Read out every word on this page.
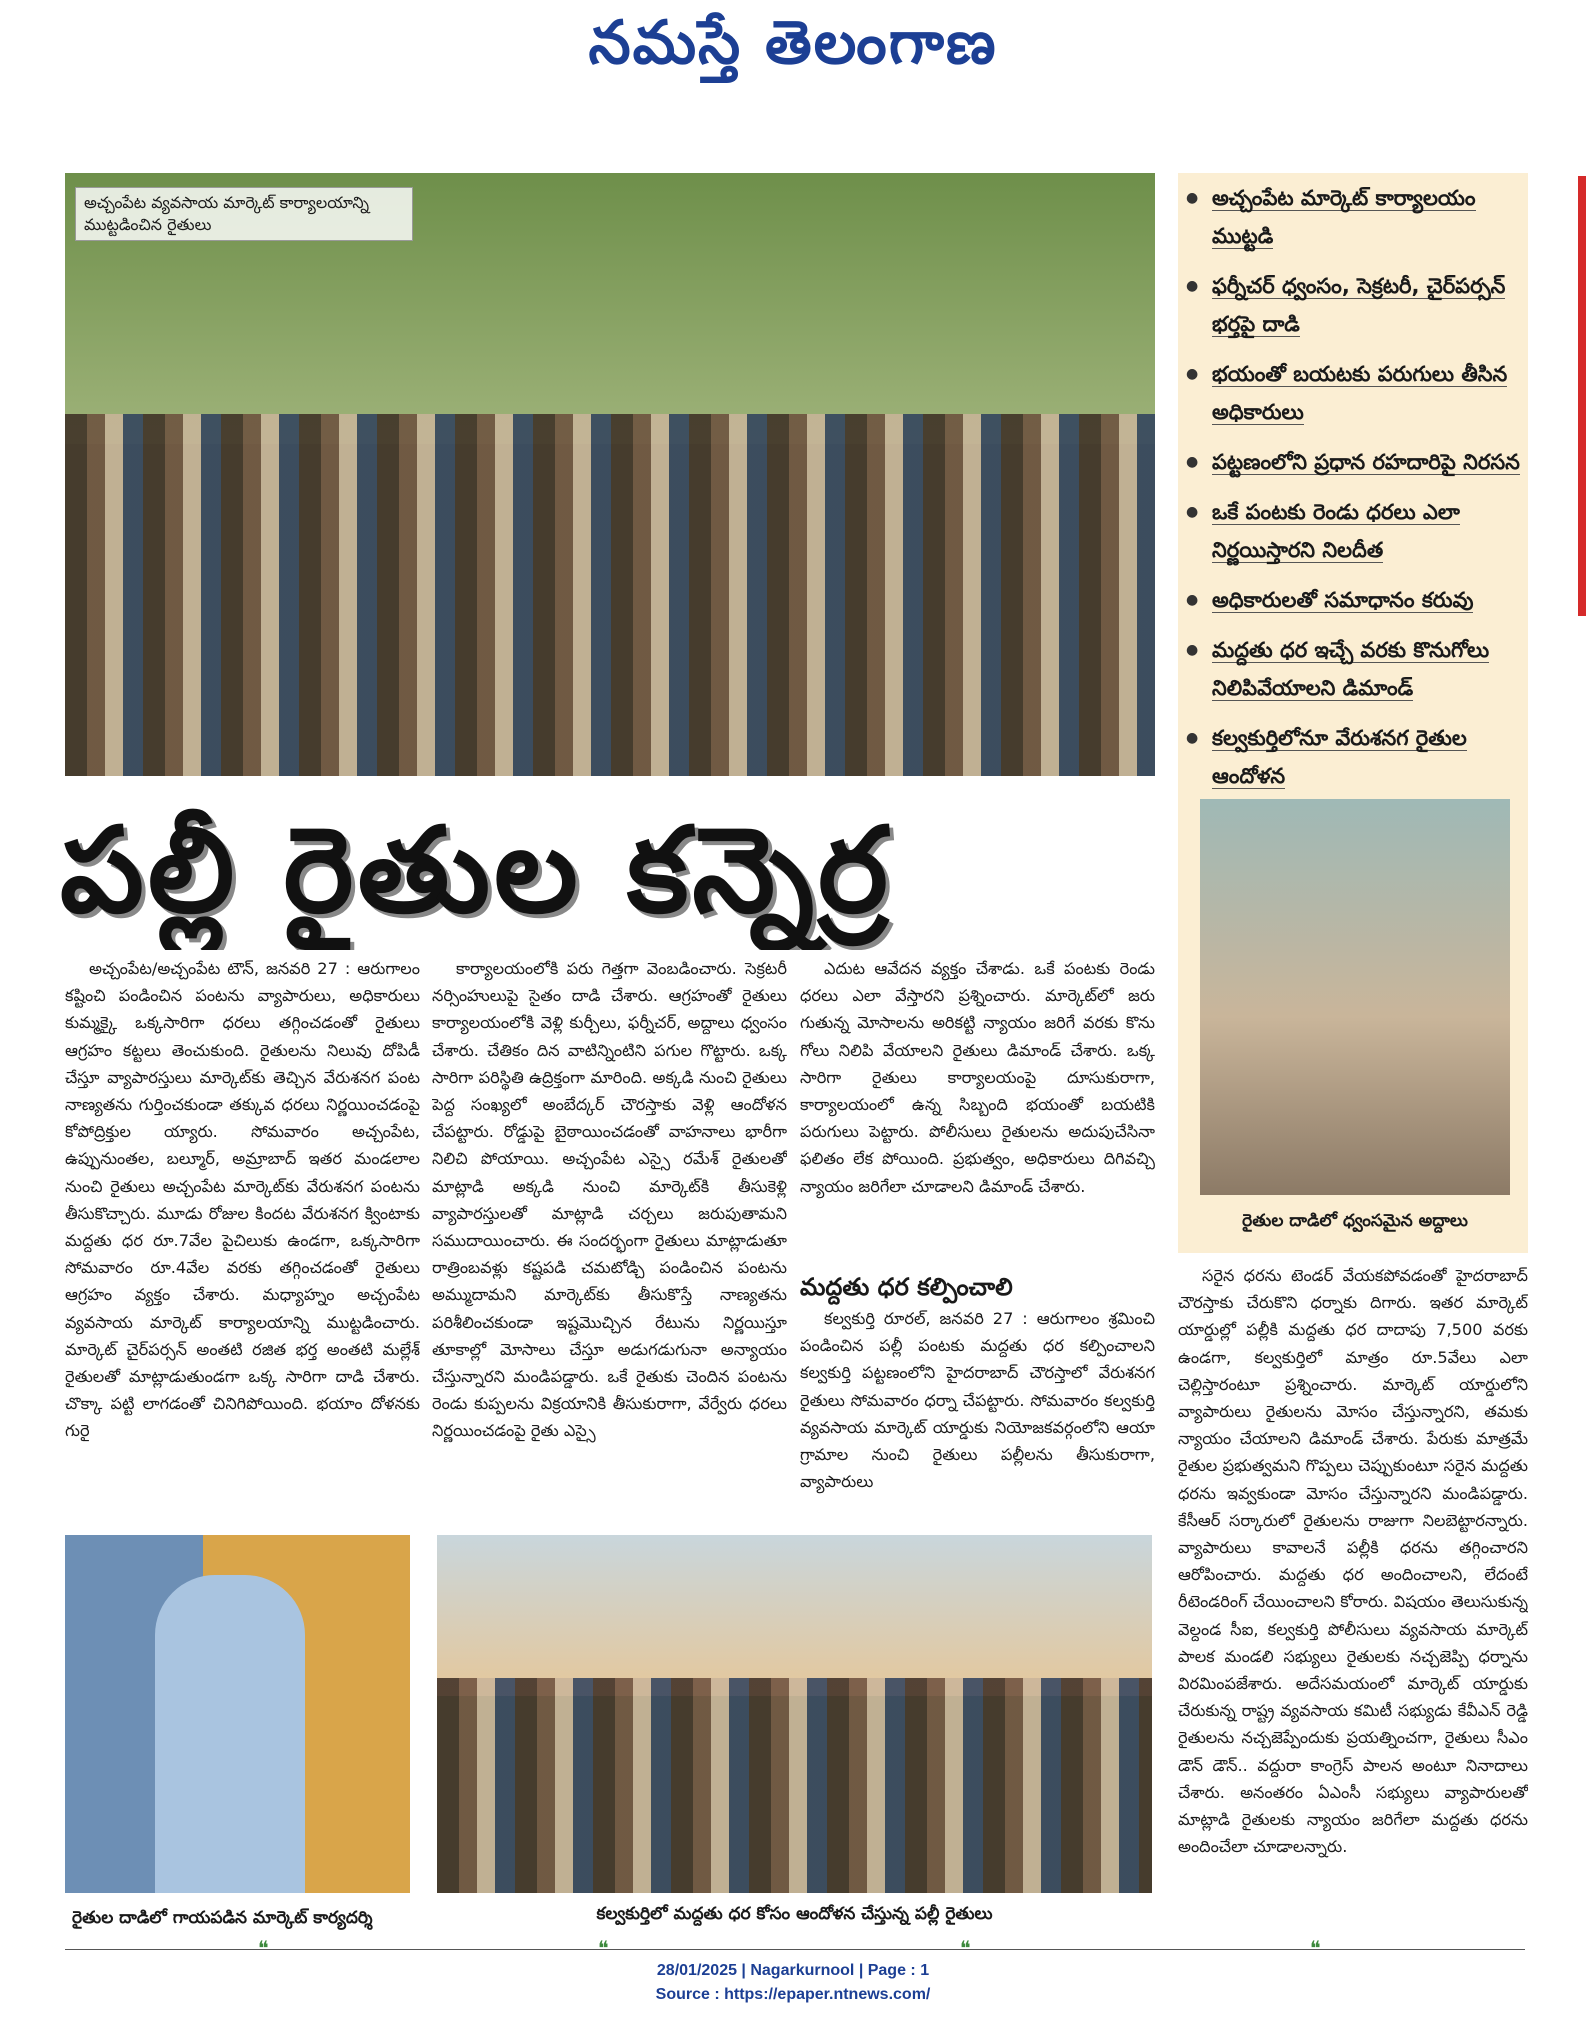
నమస్తే తెలంగాణ
అచ్చంపేట వ్యవసాయ మార్కెట్ కార్యాలయాన్ని ముట్టడించిన రైతులు
● అచ్చంపేట మార్కెట్ కార్యాలయం ముట్టడి
● ఫర్నీచర్ ధ్వంసం, సెక్రటరీ, చైర్‌పర్సన్ భర్తపై దాడి
● భయంతో బయటకు పరుగులు తీసిన అధికారులు
● పట్టణంలోని ప్రధాన రహదారిపై నిరసన
● ఒకే పంటకు రెండు ధరలు ఎలా నిర్ణయిస్తారని నిలదీత
● అధికారులతో సమాధానం కరువు
● మద్దతు ధర ఇచ్చే వరకు కొనుగోలు నిలిపివేయాలని డిమాండ్
● కల్వకుర్తిలోనూ వేరుశనగ రైతుల ఆందోళన
రైతుల దాడిలో ధ్వంసమైన అద్దాలు
పల్లీ రైతుల కన్నెర్ర

అచ్చంపేట/అచ్చంపేట టౌన్, జనవరి 27 : ఆరుగాలం కష్టించి పండించిన పంటను వ్యాపారులు, అధికారులు కుమ్మక్కై ఒక్కసారిగా ధరలు తగ్గించడంతో రైతులు ఆగ్రహం కట్టలు తెంచుకుంది. రైతులను నిలువు దోపిడీ చేస్తూ వ్యాపారస్తులు మార్కెట్‌కు తెచ్చిన వేరుశనగ పంట నాణ్యతను గుర్తించకుండా తక్కువ ధరలు నిర్ణయించడంపై కోపోద్రిక్తుల య్యారు. సోమవారం అచ్చంపేట, ఉప్పునుంతల, బల్మూర్, అమ్రాబాద్ ఇతర మండలాల నుంచి రైతులు అచ్చంపేట మార్కెట్‌కు వేరుశనగ పంటను తీసుకొచ్చారు. మూడు రోజుల కిందట వేరుశనగ క్వింటాకు మద్దతు ధర రూ.7వేల పైచిలుకు ఉండగా, ఒక్కసారిగా సోమవారం రూ.4వేల వరకు తగ్గించడంతో రైతులు ఆగ్రహం వ్యక్తం చేశారు. మధ్యాహ్నం అచ్చంపేట వ్యవసాయ మార్కెట్ కార్యాలయాన్ని ముట్టడించారు. మార్కెట్ చైర్‌పర్సన్ అంతటి రజిత భర్త అంతటి మల్లేశ్ రైతులతో మాట్లాడుతుండగా ఒక్క సారిగా దాడి చేశారు. చొక్కా పట్టి లాగడంతో చినిగిపోయింది. భయాం దోళనకు గురై

కార్యాలయంలోకి పరు గెత్తగా వెంబడించారు. సెక్రటరీ నర్సింహులుపై సైతం దాడి చేశారు. ఆగ్రహంతో రైతులు కార్యాలయంలోకి వెళ్లి కుర్చీలు, ఫర్నీచర్, అద్దాలు ధ్వంసం చేశారు. చేతికం దిన వాటిన్నింటిని పగుల గొట్టారు. ఒక్క సారిగా పరిస్థితి ఉద్రిక్తంగా మారింది. అక్కడి నుంచి రైతులు పెద్ద సంఖ్యలో అంబేద్కర్ చౌరస్తాకు వెళ్లి ఆందోళన చేపట్టారు. రోడ్డుపై బైఠాయించడంతో వాహనాలు భారీగా నిలిచి పోయాయి. అచ్చంపేట ఎస్సై రమేశ్ రైతులతో మాట్లాడి అక్కడి నుంచి మార్కెట్‌కి తీసుకెళ్లి వ్యాపారస్తులతో మాట్లాడి చర్చలు జరుపుతామని సముదాయించారు. ఈ సందర్భంగా రైతులు మాట్లాడుతూ రాత్రింబవళ్లు కష్టపడి చమటోడ్చి పండించిన పంటను అమ్ముదామని మార్కెట్‌కు తీసుకొస్తే నాణ్యతను పరిశీలించకుండా ఇష్టమొచ్చిన రేటును నిర్ణయిస్తూ తూకాల్లో మోసాలు చేస్తూ అడుగడుగునా అన్యాయం చేస్తున్నారని మండిపడ్డారు. ఒకే రైతుకు చెందిన పంటను రెండు కుప్పలను విక్రయానికి తీసుకురాగా, వేర్వేరు ధరలు నిర్ణయించడంపై రైతు ఎస్సై

ఎదుట ఆవేదన వ్యక్తం చేశాడు. ఒకే పంటకు రెండు ధరలు ఎలా వేస్తారని ప్రశ్నించారు. మార్కెట్‌లో జరు గుతున్న మోసాలను అరికట్టి న్యాయం జరిగే వరకు కొను గోలు నిలిపి వేయాలని రైతులు డిమాండ్ చేశారు. ఒక్క సారిగా రైతులు కార్యాలయంపై దూసుకురాగా, కార్యాలయంలో ఉన్న సిబ్బంది భయంతో బయటికి పరుగులు పెట్టారు. పోలీసులు రైతులను అదుపుచేసినా ఫలితం లేక పోయింది. ప్రభుత్వం, అధికారులు దిగివచ్చి న్యాయం జరిగేలా చూడాలని డిమాండ్ చేశారు.

మద్దతు ధర కల్పించాలి

కల్వకుర్తి రూరల్, జనవరి 27 : ఆరుగాలం శ్రమించి పండించిన పల్లీ పంటకు మద్దతు ధర కల్పించాలని కల్వకుర్తి పట్టణంలోని హైదరాబాద్ చౌరస్తాలో వేరుశనగ రైతులు సోమవారం ధర్నా చేపట్టారు. సోమవారం కల్వకుర్తి వ్యవసాయ మార్కెట్ యార్డుకు నియోజకవర్గంలోని ఆయా గ్రామాల నుంచి రైతులు పల్లీలను తీసుకురాగా, వ్యాపారులు

సరైన ధరను టెండర్ వేయకపోవడంతో హైదరాబాద్ చౌరస్తాకు చేరుకొని ధర్నాకు దిగారు. ఇతర మార్కెట్ యార్డుల్లో పల్లీకి మద్దతు ధర దాదాపు 7,500 వరకు ఉండగా, కల్వకుర్తిలో మాత్రం రూ.5వేలు ఎలా చెల్లిస్తారంటూ ప్రశ్నించారు. మార్కెట్ యార్డులోని వ్యాపారులు రైతులను మోసం చేస్తున్నారని, తమకు న్యాయం చేయాలని డిమాండ్ చేశారు. పేరుకు మాత్రమే రైతుల ప్రభుత్వమని గొప్పలు చెప్పుకుంటూ సరైన మద్దతు ధరను ఇవ్వకుండా మోసం చేస్తున్నారని మండిపడ్డారు. కేసీఆర్ సర్కారులో రైతులను రాజుగా నిలబెట్టారన్నారు. వ్యాపారులు కావాలనే పల్లీకి ధరను తగ్గించారని ఆరోపించారు. మద్దతు ధర అందించాలని, లేదంటే రీటెండరింగ్ చేయించాలని కోరారు. విషయం తెలుసుకున్న వెల్దండ సీఐ, కల్వకుర్తి పోలీసులు వ్యవసాయ మార్కెట్ పాలక మండలి సభ్యులు రైతులకు నచ్చజెప్పి ధర్నాను విరమింపజేశారు. అదేసమయంలో మార్కెట్ యార్డుకు చేరుకున్న రాష్ట్ర వ్యవసాయ కమిటీ సభ్యుడు కేవీఎన్ రెడ్డి రైతులను నచ్చజెప్పేందుకు ప్రయత్నించగా, రైతులు సీఎం డౌన్ డౌన్.. వద్దురా కాంగ్రెస్ పాలన అంటూ నినాదాలు చేశారు. అనంతరం ఏఎంసీ సభ్యులు వ్యాపారులతో మాట్లాడి రైతులకు న్యాయం జరిగేలా మద్దతు ధరను అందించేలా చూడాలన్నారు.

రైతుల దాడిలో గాయపడిన మార్కెట్ కార్యదర్శి	కల్వకుర్తిలో మద్దతు ధర కోసం ఆందోళన చేస్తున్న పల్లీ రైతులు
❝	❝	❝	❝
28/01/2025 | Nagarkurnool | Page : 1
Source : https://epaper.ntnews.com/
